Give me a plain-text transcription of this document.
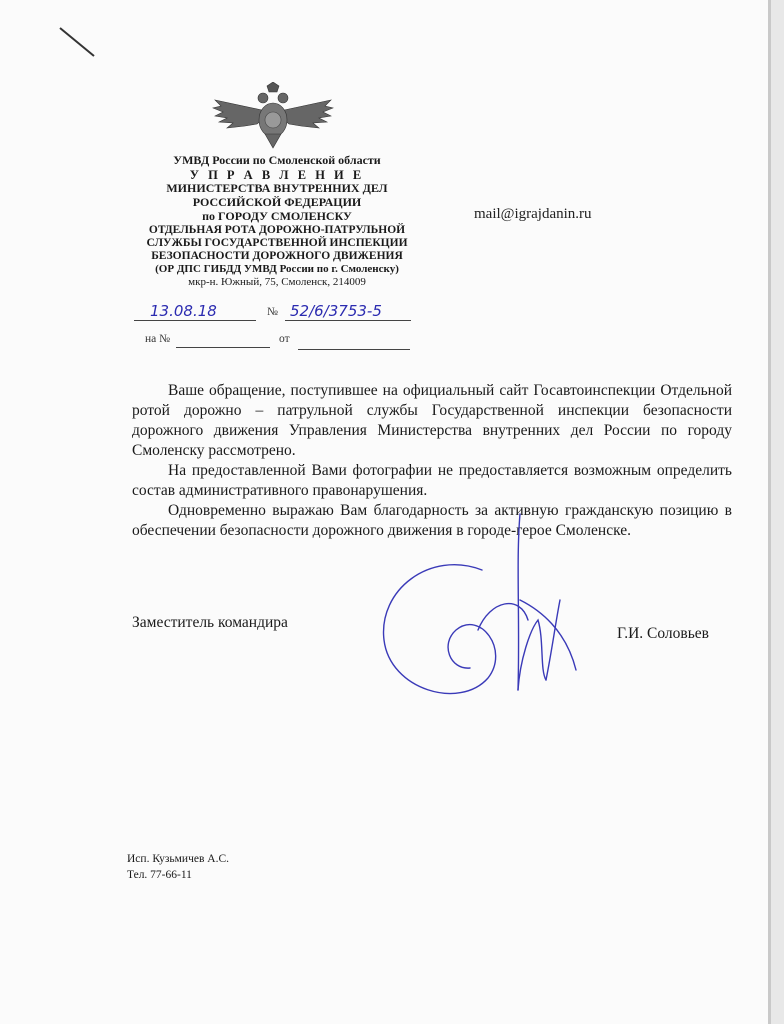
УМВД России по Смоленской области
У П Р А В Л Е Н И Е
МИНИСТЕРСТВА ВНУТРЕННИХ ДЕЛ
РОССИЙСКОЙ ФЕДЕРАЦИИ
по ГОРОДУ СМОЛЕНСКУ
ОТДЕЛЬНАЯ РОТА ДОРОЖНО-ПАТРУЛЬНОЙ
СЛУЖБЫ ГОСУДАРСТВЕННОЙ ИНСПЕКЦИИ
БЕЗОПАСНОСТИ ДОРОЖНОГО ДВИЖЕНИЯ
(ОР ДПС ГИБДД УМВД России по г. Смоленску)
мкр-н. Южный, 75, Смоленск, 214009
mail@igrajdanin.ru
13.08.18	№ 52/6/3753-5
на №	от

Ваше обращение, поступившее на официальный сайт Госавтоинспекции Отдельной ротой дорожно – патрульной службы Государственной инспекции безопасности дорожного движения Управления Министерства внутренних дел России по городу Смоленску рассмотрено.

На предоставленной Вами фотографии не предоставляется возможным определить состав административного правонарушения.

Одновременно выражаю Вам благодарность за активную гражданскую позицию в обеспечении безопасности дорожного движения в городе-герое Смоленске.

Заместитель командира
Г.И. Соловьев
Исп. Кузьмичев А.С.
Тел. 77-66-11
